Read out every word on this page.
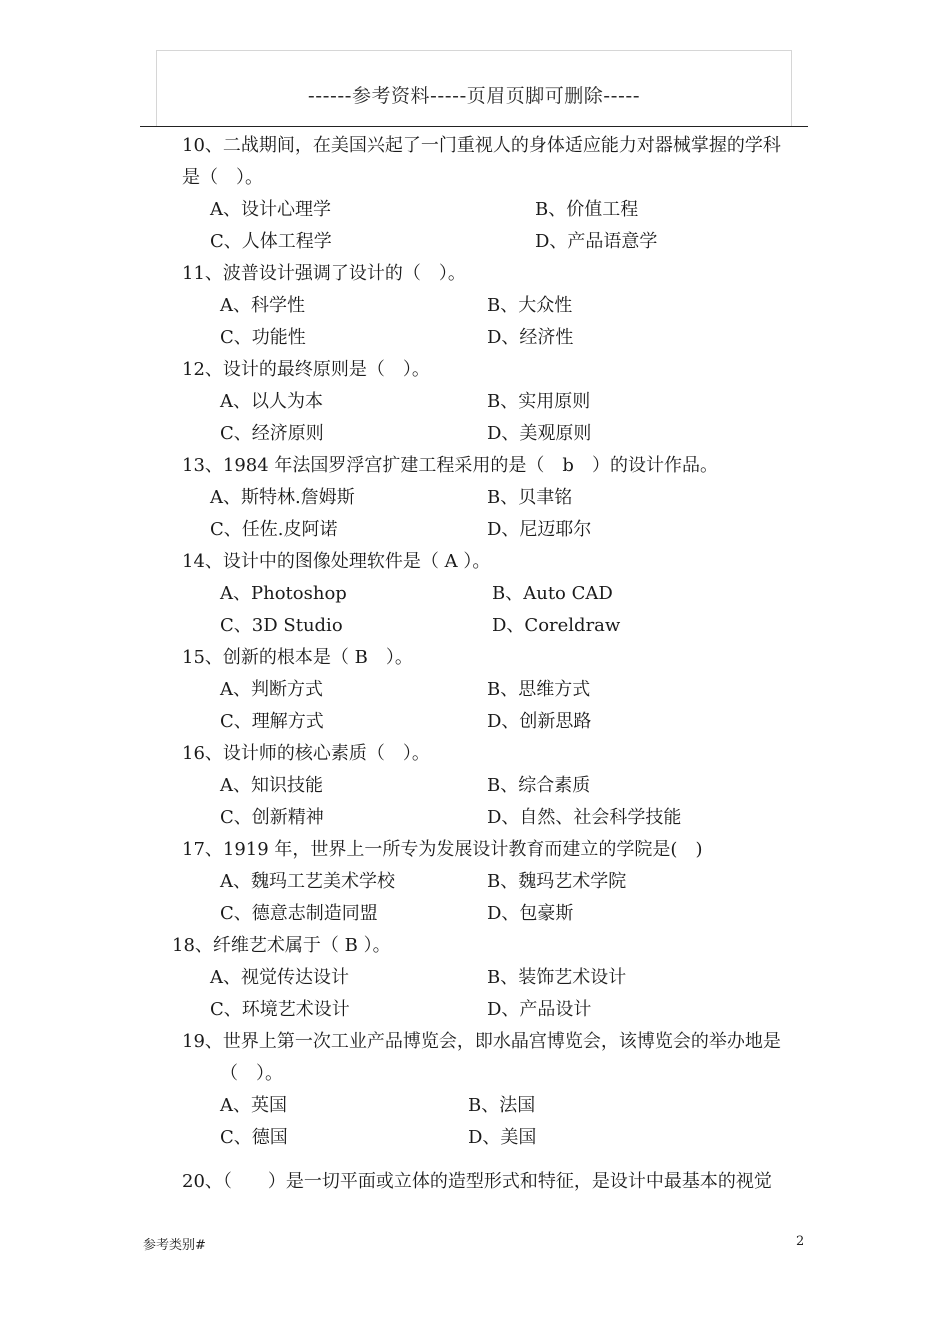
------参考资料-----页眉页脚可删除-----
10、二战期间，在美国兴起了一门重视人的身体适应能力对器械掌握的学科
是（　）。
A、设计心理学	B、价值工程
C、人体工程学	D、产品语意学
11、波普设计强调了设计的（　）。
A、科学性	B、大众性
C、功能性	D、经济性
12、设计的最终原则是（　）。
A、以人为本	B、实用原则
C、经济原则	D、美观原则
13、1984 年法国罗浮宫扩建工程采用的是（　b　）的设计作品。
A、斯特林.詹姆斯	B、贝聿铭
C、任佐.皮阿诺	D、尼迈耶尔
14、设计中的图像处理软件是（ A ）。
A、Photoshop	B、Auto CAD
C、3D Studio	D、Coreldraw
15、创新的根本是（ B　）。
A、判断方式	B、思维方式
C、理解方式	D、创新思路
16、设计师的核心素质（　）。
A、知识技能	B、综合素质
C、创新精神	D、自然、社会科学技能
17、1919 年，世界上一所专为发展设计教育而建立的学院是(　)
A、魏玛工艺美术学校	B、魏玛艺术学院
C、德意志制造同盟	D、包豪斯
18、纤维艺术属于（ B ）。
A、视觉传达设计	B、装饰艺术设计
C、环境艺术设计	D、产品设计
19、世界上第一次工业产品博览会，即水晶宫博览会，该博览会的举办地是
（　）。
A、英国	B、法国
C、德国	D、美国
20、（　　）是一切平面或立体的造型形式和特征，是设计中最基本的视觉
参考类别#	2
